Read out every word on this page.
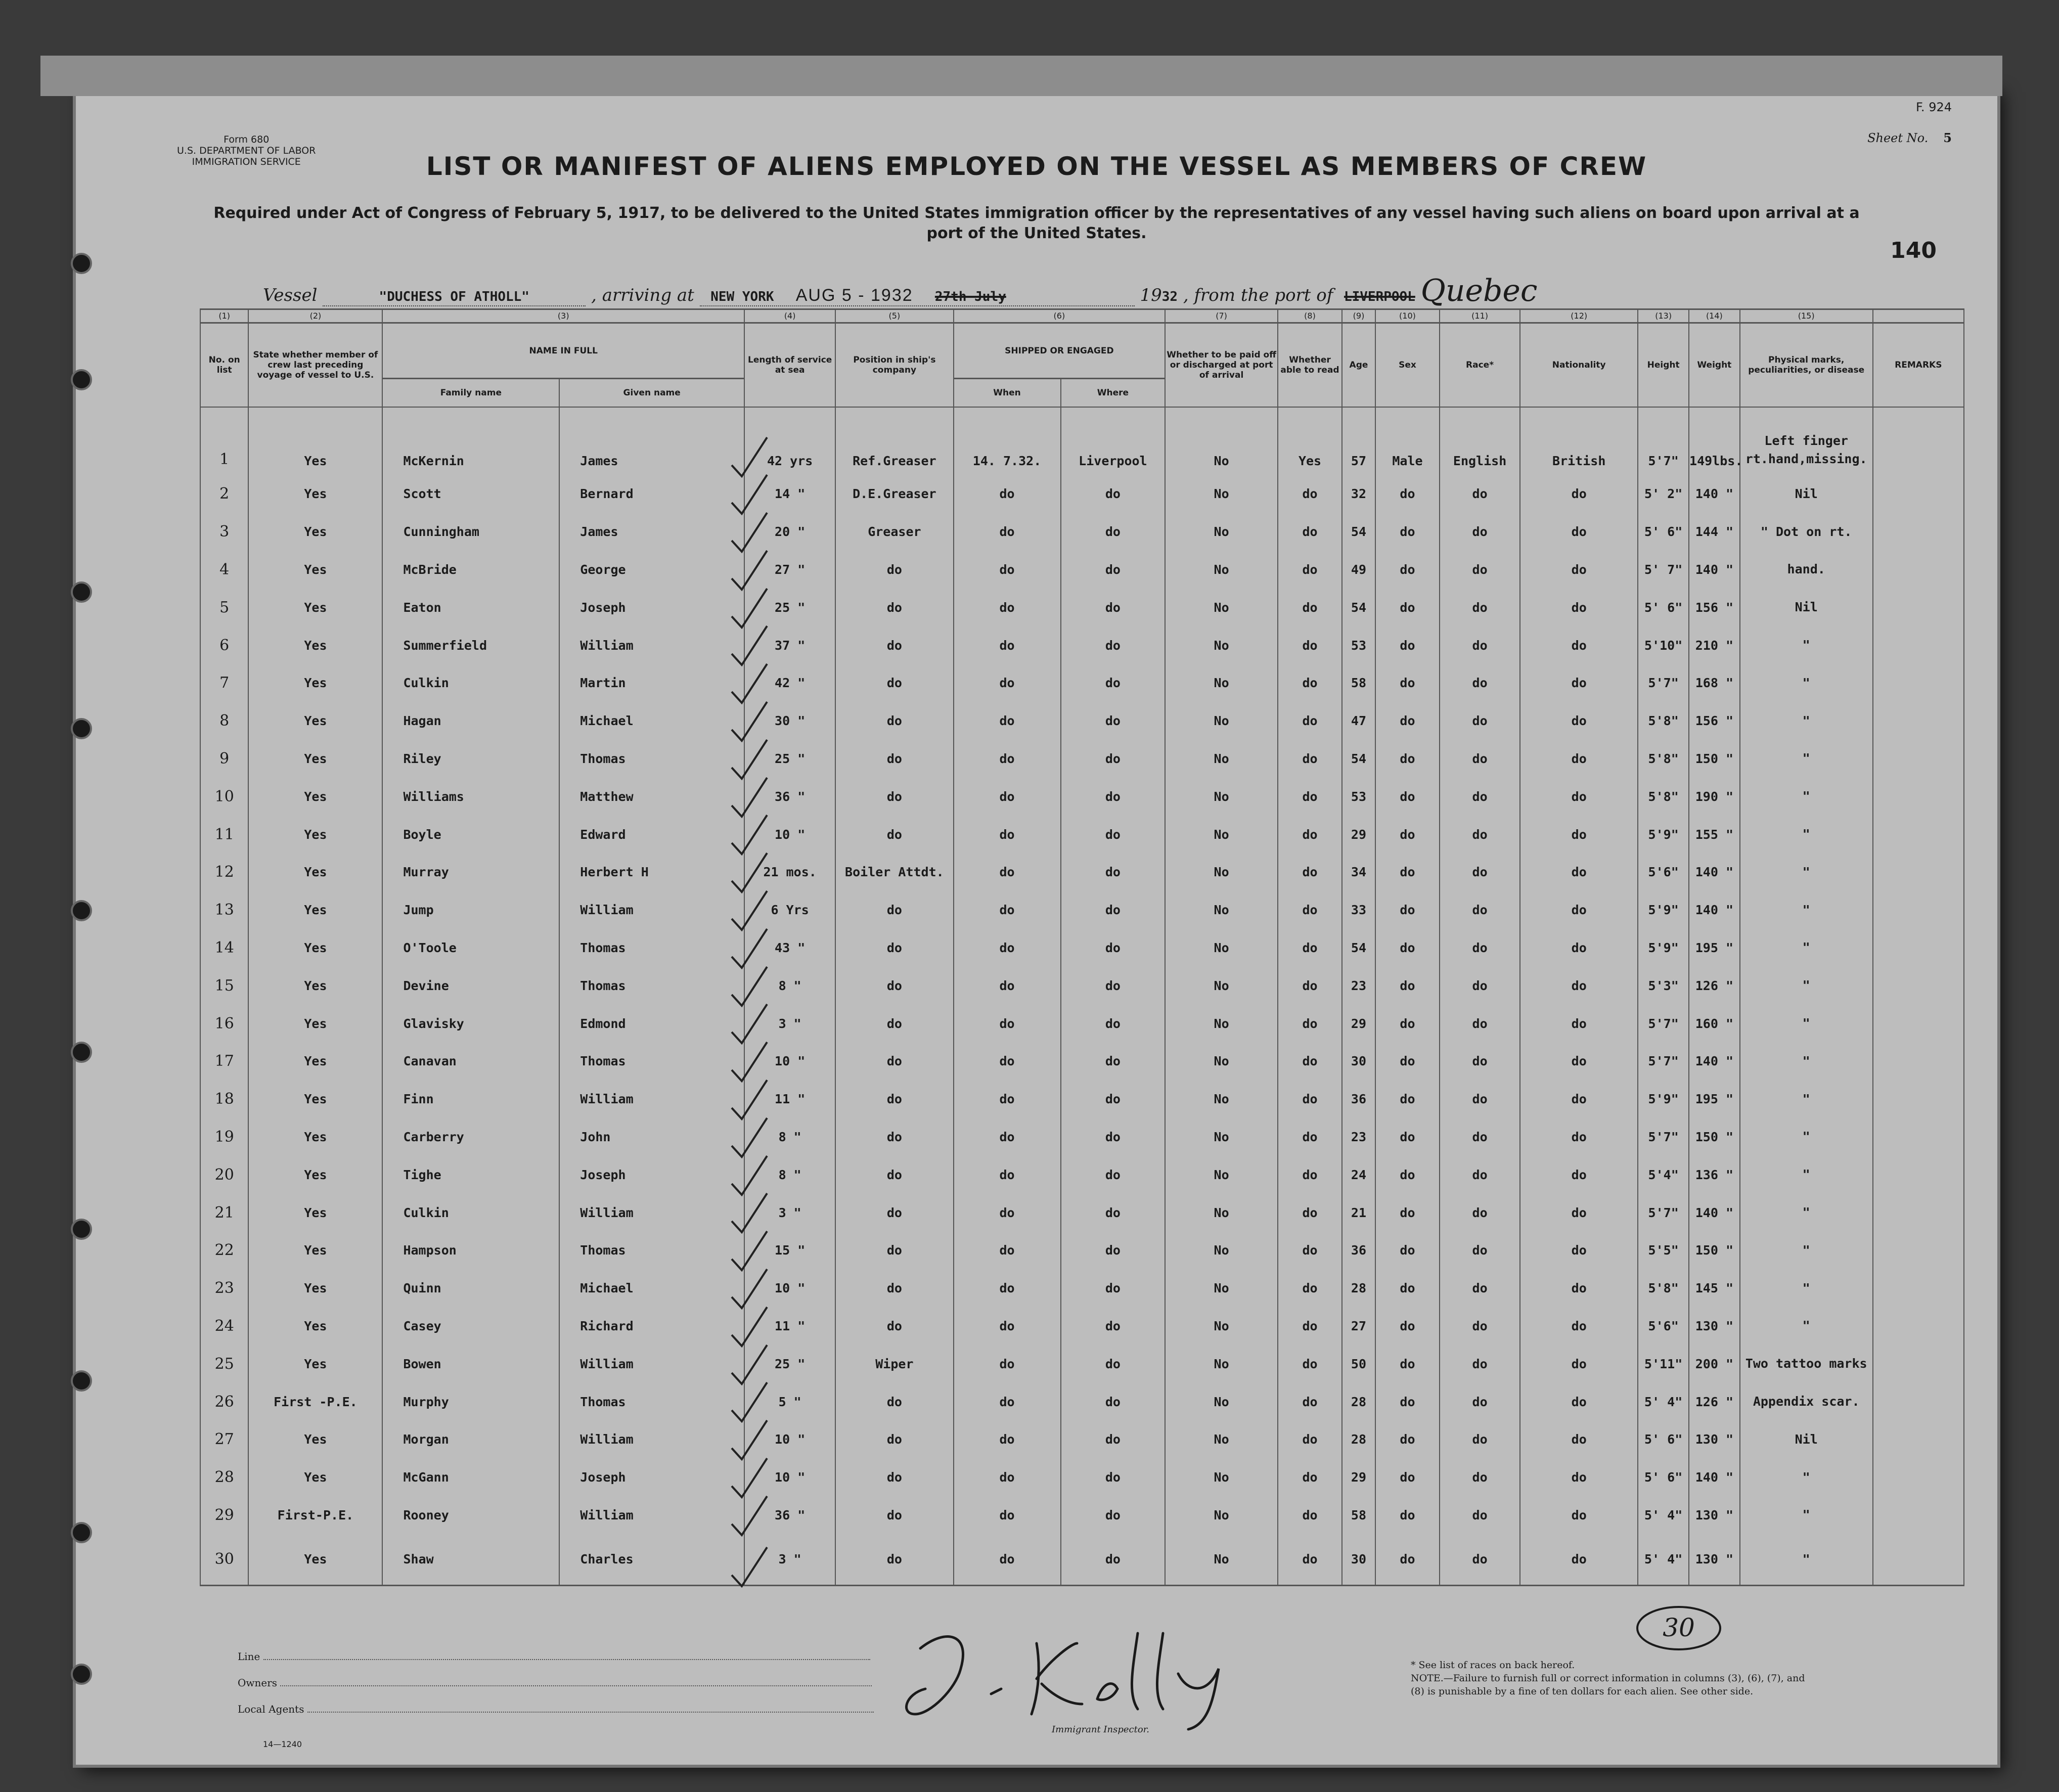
Form 680
U.S. DEPARTMENT OF LABOR
IMMIGRATION SERVICE
F. 924
Sheet No. 5
LIST OR MANIFEST OF ALIENS EMPLOYED ON THE VESSEL AS MEMBERS OF CREW
Required under Act of Congress of February 5, 1917, to be delivered to the United States immigration officer by the representatives of any vessel having such aliens on board upon arrival at a port of the United States.
140
Vessel	"DUCHESS OF ATHOLL"	, arriving at NEW YORK AUG 5 - 1932 27th July	1932 , from the port of LIVERPOOL Quebec
(1)	(2)	(3)		(4)	(5)	(6)		(7)	(8)	(9)	(10)	(11)	(12)	(13)	(14)	(15)	
No. on list	State whether member of crew last preceding voyage of vessel to U.S.	NAME IN FULL		Length of service at sea	Position in ship's company	SHIPPED OR ENGAGED		Whether to be paid off or discharged at port of arrival	Whether able to read	Age	Sex	Race*	Nationality	Height	Weight	Physical marks, peculiarities, or disease	REMARKS
		Family name	Given name			When	Where										
1	Yes	McKernin	James	42 yrs	Ref.Greaser	14. 7.32.	Liverpool	No	Yes	57	Male	English	British	5'7"	149lbs.	Left finger rt.hand,missing.	
2	Yes	Scott	Bernard	14 "	D.E.Greaser	do	do	No	do	32	do	do	do	5' 2"	140 "	Nil	
3	Yes	Cunningham	James	20 "	Greaser	do	do	No	do	54	do	do	do	5' 6"	144 "	" Dot on rt.	
4	Yes	McBride	George	27 "	do	do	do	No	do	49	do	do	do	5' 7"	140 "	hand.	
5	Yes	Eaton	Joseph	25 "	do	do	do	No	do	54	do	do	do	5' 6"	156 "	Nil	
6	Yes	Summerfield	William	37 "	do	do	do	No	do	53	do	do	do	5'10"	210 "	"	
7	Yes	Culkin	Martin	42 "	do	do	do	No	do	58	do	do	do	5'7"	168 "	"	
8	Yes	Hagan	Michael	30 "	do	do	do	No	do	47	do	do	do	5'8"	156 "	"	
9	Yes	Riley	Thomas	25 "	do	do	do	No	do	54	do	do	do	5'8"	150 "	"	
10	Yes	Williams	Matthew	36 "	do	do	do	No	do	53	do	do	do	5'8"	190 "	"	
11	Yes	Boyle	Edward	10 "	do	do	do	No	do	29	do	do	do	5'9"	155 "	"	
12	Yes	Murray	Herbert H	21 mos.	Boiler Attdt.	do	do	No	do	34	do	do	do	5'6"	140 "	"	
13	Yes	Jump	William	6 Yrs	do	do	do	No	do	33	do	do	do	5'9"	140 "	"	
14	Yes	O'Toole	Thomas	43 "	do	do	do	No	do	54	do	do	do	5'9"	195 "	"	
15	Yes	Devine	Thomas	8 "	do	do	do	No	do	23	do	do	do	5'3"	126 "	"	
16	Yes	Glavisky	Edmond	3 "	do	do	do	No	do	29	do	do	do	5'7"	160 "	"	
17	Yes	Canavan	Thomas	10 "	do	do	do	No	do	30	do	do	do	5'7"	140 "	"	
18	Yes	Finn	William	11 "	do	do	do	No	do	36	do	do	do	5'9"	195 "	"	
19	Yes	Carberry	John	8 "	do	do	do	No	do	23	do	do	do	5'7"	150 "	"	
20	Yes	Tighe	Joseph	8 "	do	do	do	No	do	24	do	do	do	5'4"	136 "	"	
21	Yes	Culkin	William	3 "	do	do	do	No	do	21	do	do	do	5'7"	140 "	"	
22	Yes	Hampson	Thomas	15 "	do	do	do	No	do	36	do	do	do	5'5"	150 "	"	
23	Yes	Quinn	Michael	10 "	do	do	do	No	do	28	do	do	do	5'8"	145 "	"	
24	Yes	Casey	Richard	11 "	do	do	do	No	do	27	do	do	do	5'6"	130 "	"	
25	Yes	Bowen	William	25 "	Wiper	do	do	No	do	50	do	do	do	5'11"	200 "	Two tattoo marks	
26	First -P.E.	Murphy	Thomas	5 "	do	do	do	No	do	28	do	do	do	5' 4"	126 "	Appendix scar.	
27	Yes	Morgan	William	10 "	do	do	do	No	do	28	do	do	do	5' 6"	130 "	Nil	
28	Yes	McGann	Joseph	10 "	do	do	do	No	do	29	do	do	do	5' 6"	140 "	"	
29	First-P.E.	Rooney	William	36 "	do	do	do	No	do	58	do	do	do	5' 4"	130 "	"	
30	Yes	Shaw	Charles	3 "	do	do	do	No	do	30	do	do	do	5' 4"	130 "	"	
Line
Owners
Local Agents
14—1240
Immigrant Inspector.
30
* See list of races on back hereof.
NOTE.—Failure to furnish full or correct information in columns (3), (6), (7), and (8) is punishable by a fine of ten dollars for each alien. See other side.
